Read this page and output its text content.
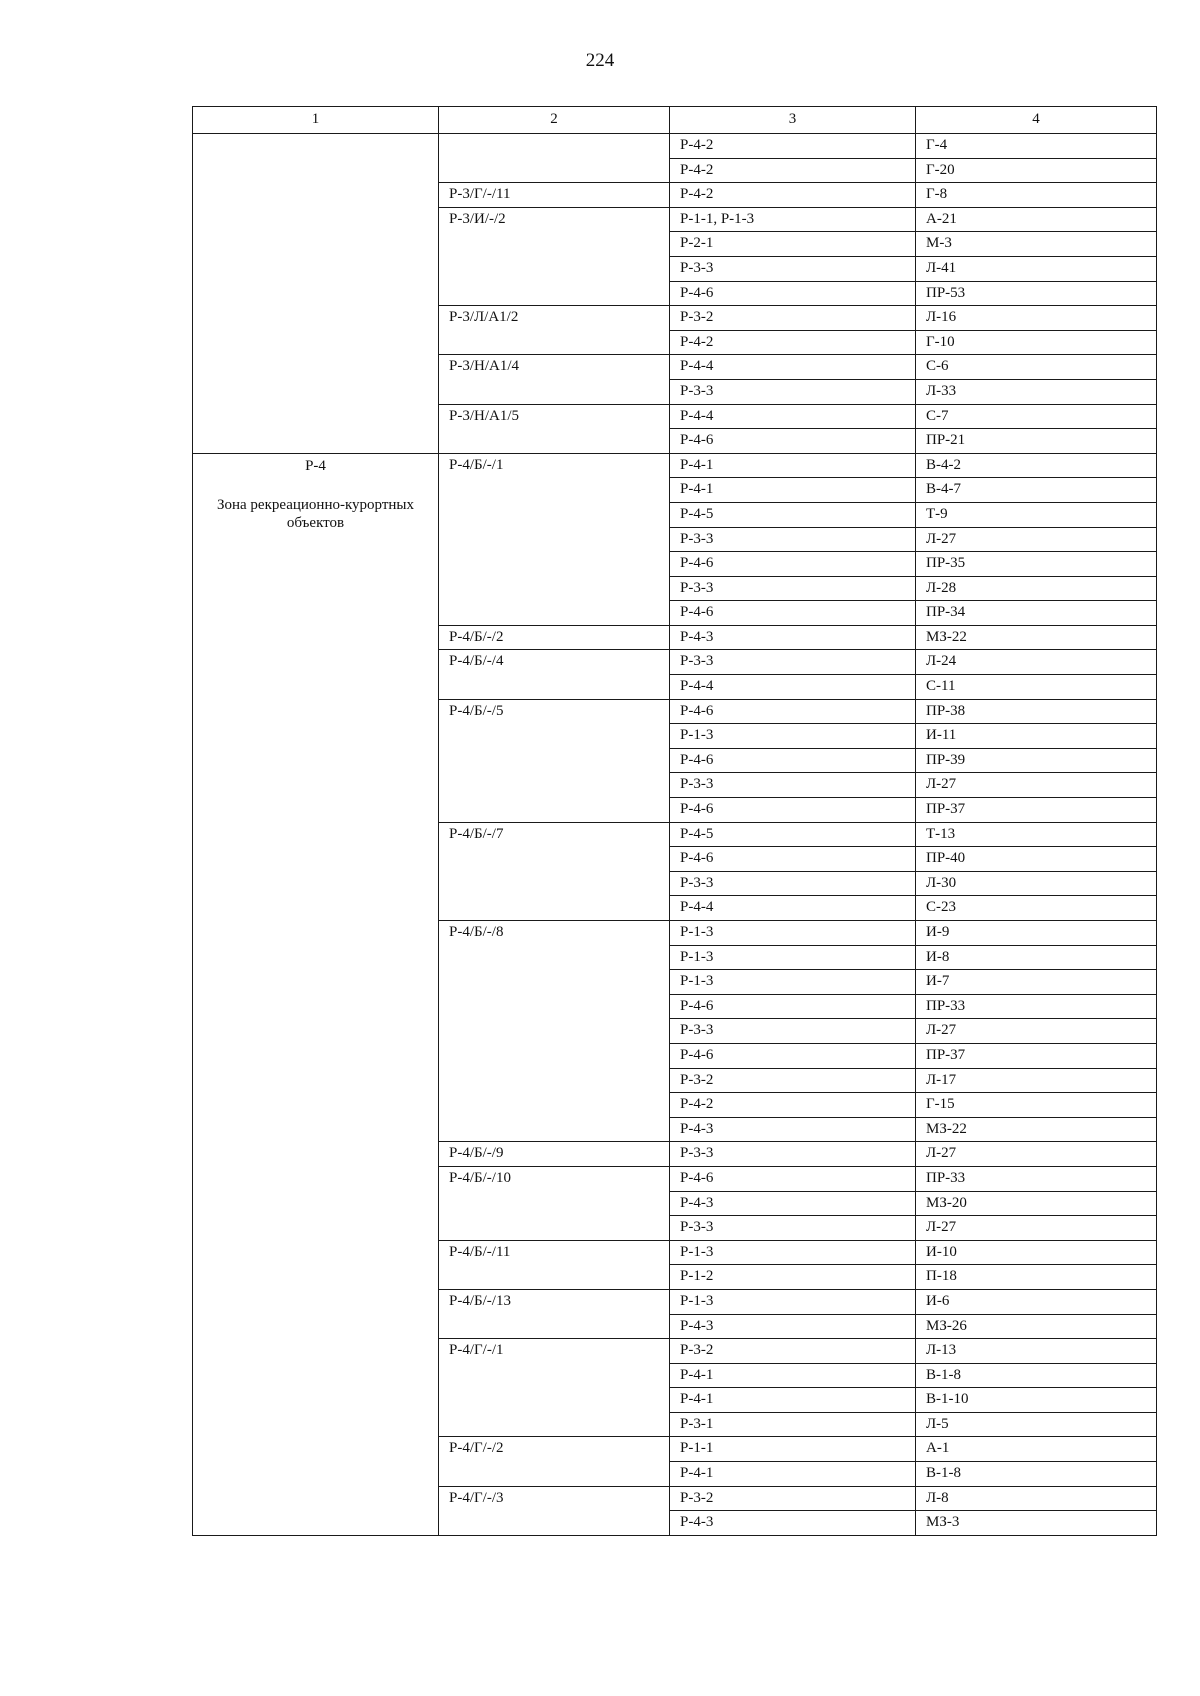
224
1	2	3	4

		Р-4-2	Г-4
		Р-4-2	Г-20
	Р-3/Г/-/11	Р-4-2	Г-8
	Р-3/И/-/2	Р-1-1, Р-1-3	А-21
		Р-2-1	М-3
		Р-3-3	Л-41
		Р-4-6	ПР-53
	Р-3/Л/А1/2	Р-3-2	Л-16
		Р-4-2	Г-10
	Р-3/Н/А1/4	Р-4-4	С-6
		Р-3-3	Л-33
	Р-3/Н/А1/5	Р-4-4	С-7
		Р-4-6	ПР-21

Р-4
Зона рекреационно-курортных объектов	Р-4/Б/-/1	Р-4-1	В-4-2
		Р-4-1	В-4-7
		Р-4-5	Т-9
		Р-3-3	Л-27
		Р-4-6	ПР-35
		Р-3-3	Л-28
		Р-4-6	ПР-34
	Р-4/Б/-/2	Р-4-3	МЗ-22
	Р-4/Б/-/4	Р-3-3	Л-24
		Р-4-4	С-11
	Р-4/Б/-/5	Р-4-6	ПР-38
		Р-1-3	И-11
		Р-4-6	ПР-39
		Р-3-3	Л-27
		Р-4-6	ПР-37
	Р-4/Б/-/7	Р-4-5	Т-13
		Р-4-6	ПР-40
		Р-3-3	Л-30
		Р-4-4	С-23
	Р-4/Б/-/8	Р-1-3	И-9
		Р-1-3	И-8
		Р-1-3	И-7
		Р-4-6	ПР-33
		Р-3-3	Л-27
		Р-4-6	ПР-37
		Р-3-2	Л-17
		Р-4-2	Г-15
		Р-4-3	МЗ-22
	Р-4/Б/-/9	Р-3-3	Л-27
	Р-4/Б/-/10	Р-4-6	ПР-33
		Р-4-3	МЗ-20
		Р-3-3	Л-27
	Р-4/Б/-/11	Р-1-3	И-10
		Р-1-2	П-18
	Р-4/Б/-/13	Р-1-3	И-6
		Р-4-3	МЗ-26
	Р-4/Г/-/1	Р-3-2	Л-13
		Р-4-1	В-1-8
		Р-4-1	В-1-10
		Р-3-1	Л-5
	Р-4/Г/-/2	Р-1-1	А-1
		Р-4-1	В-1-8
	Р-4/Г/-/3	Р-3-2	Л-8
		Р-4-3	МЗ-3
